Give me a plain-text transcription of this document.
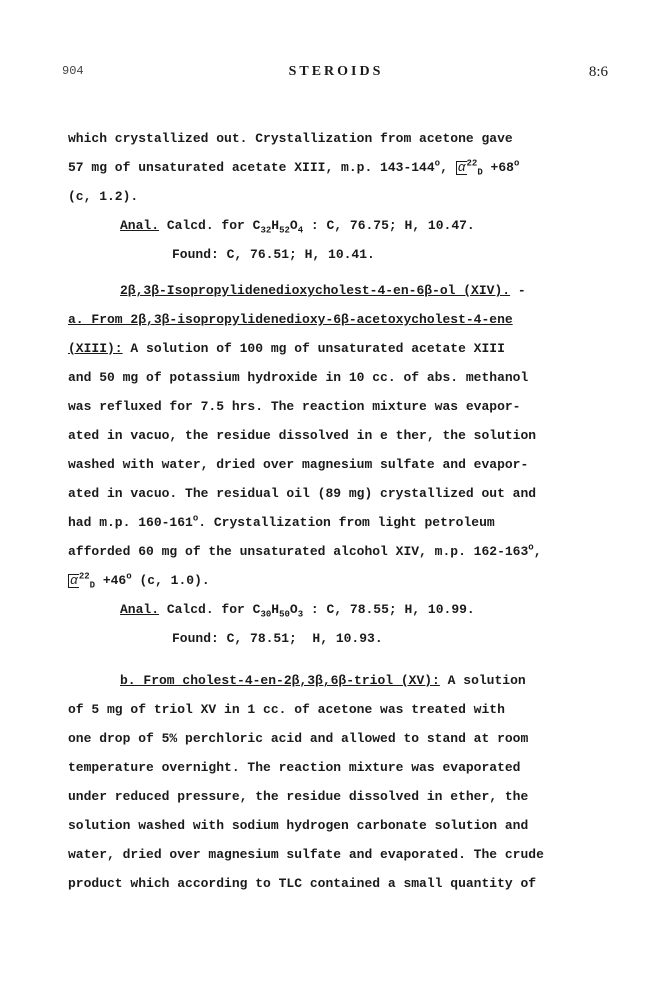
904	STEROIDS	8:6
which crystallized out. Crystallization from acetone gave
57 mg of unsaturated acetate XIII, m.p. 143-144$^o$, $\alpha^{22}_D +68^o$
(c, 1.2).
Anal. Calcd. for $C_{32}H_{52}O_4$ : C, 76.75; H, 10.47.
Found: C, 76.51; H, 10.41.
2β,3β-Isopropylidenedioxycholest-4-en-6β-ol (XIV). -
a. From 2β,3β-isopropylidenedioxy-6β-acetoxycholest-4-ene
(XIII): A solution of 100 mg of unsaturated acetate XIII
and 50 mg of potassium hydroxide in 10 cc. of abs. methanol
was refluxed for 7.5 hrs. The reaction mixture was evapor-
ated in vacuo, the residue dissolved in e ther, the solution
washed with water, dried over magnesium sulfate and evapor-
ated in vacuo. The residual oil (89 mg) crystallized out and
had m.p. 160-161$^o$. Crystallization from light petroleum
afforded 60 mg of the unsaturated alcohol XIV, m.p. 162-163$^o$,
$\alpha^{22}_D +46^o$ (c, 1.0).
Anal. Calcd. for $C_{30}H_{50}O_3$ : C, 78.55; H, 10.99.
Found: C, 78.51;  H, 10.93.
b. From cholest-4-en-2β,3β,6β-triol (XV): A solution
of 5 mg of triol XV in 1 cc. of acetone was treated with
one drop of 5% perchloric acid and allowed to stand at room
temperature overnight. The reaction mixture was evaporated
under reduced pressure, the residue dissolved in ether, the
solution washed with sodium hydrogen carbonate solution and
water, dried over magnesium sulfate and evaporated. The crude
product which according to TLC contained a small quantity of
